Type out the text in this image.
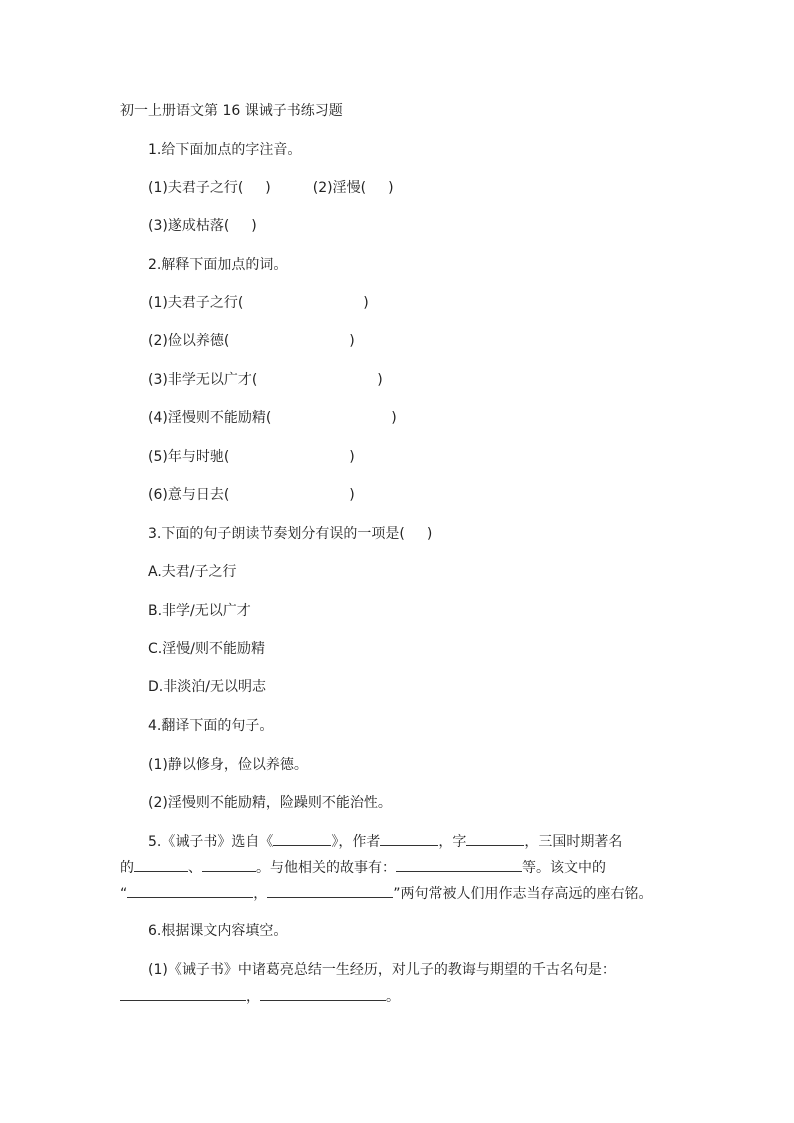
初一上册语文第 16 课诫子书练习题
1.给下面加点的字注音。
(1)夫君子之行( )	(2)淫慢( )
(3)遂成枯落( )
2.解释下面加点的词。
(1)夫君子之行(	)
(2)俭以养德(	)
(3)非学无以广才(	)
(4)淫慢则不能励精(	)
(5)年与时驰(	)
(6)意与日去(	)
3.下面的句子朗读节奏划分有误的一项是( )
A.夫君/子之行
B.非学/无以广才
C.淫慢/则不能励精
D.非淡泊/无以明志
4.翻译下面的句子。
(1)静以修身，俭以养德。
(2)淫慢则不能励精，险躁则不能治性。
5.《诫子书》选自《	》，作者	，字	，三国时期著名
的	、	。与他相关的故事有：	等。该文中的
“	，	”两句常被人们用作志当存高远的座右铭。
6.根据课文内容填空。
(1)《诫子书》中诸葛亮总结一生经历，对儿子的教诲与期望的千古名句是：
，	。
